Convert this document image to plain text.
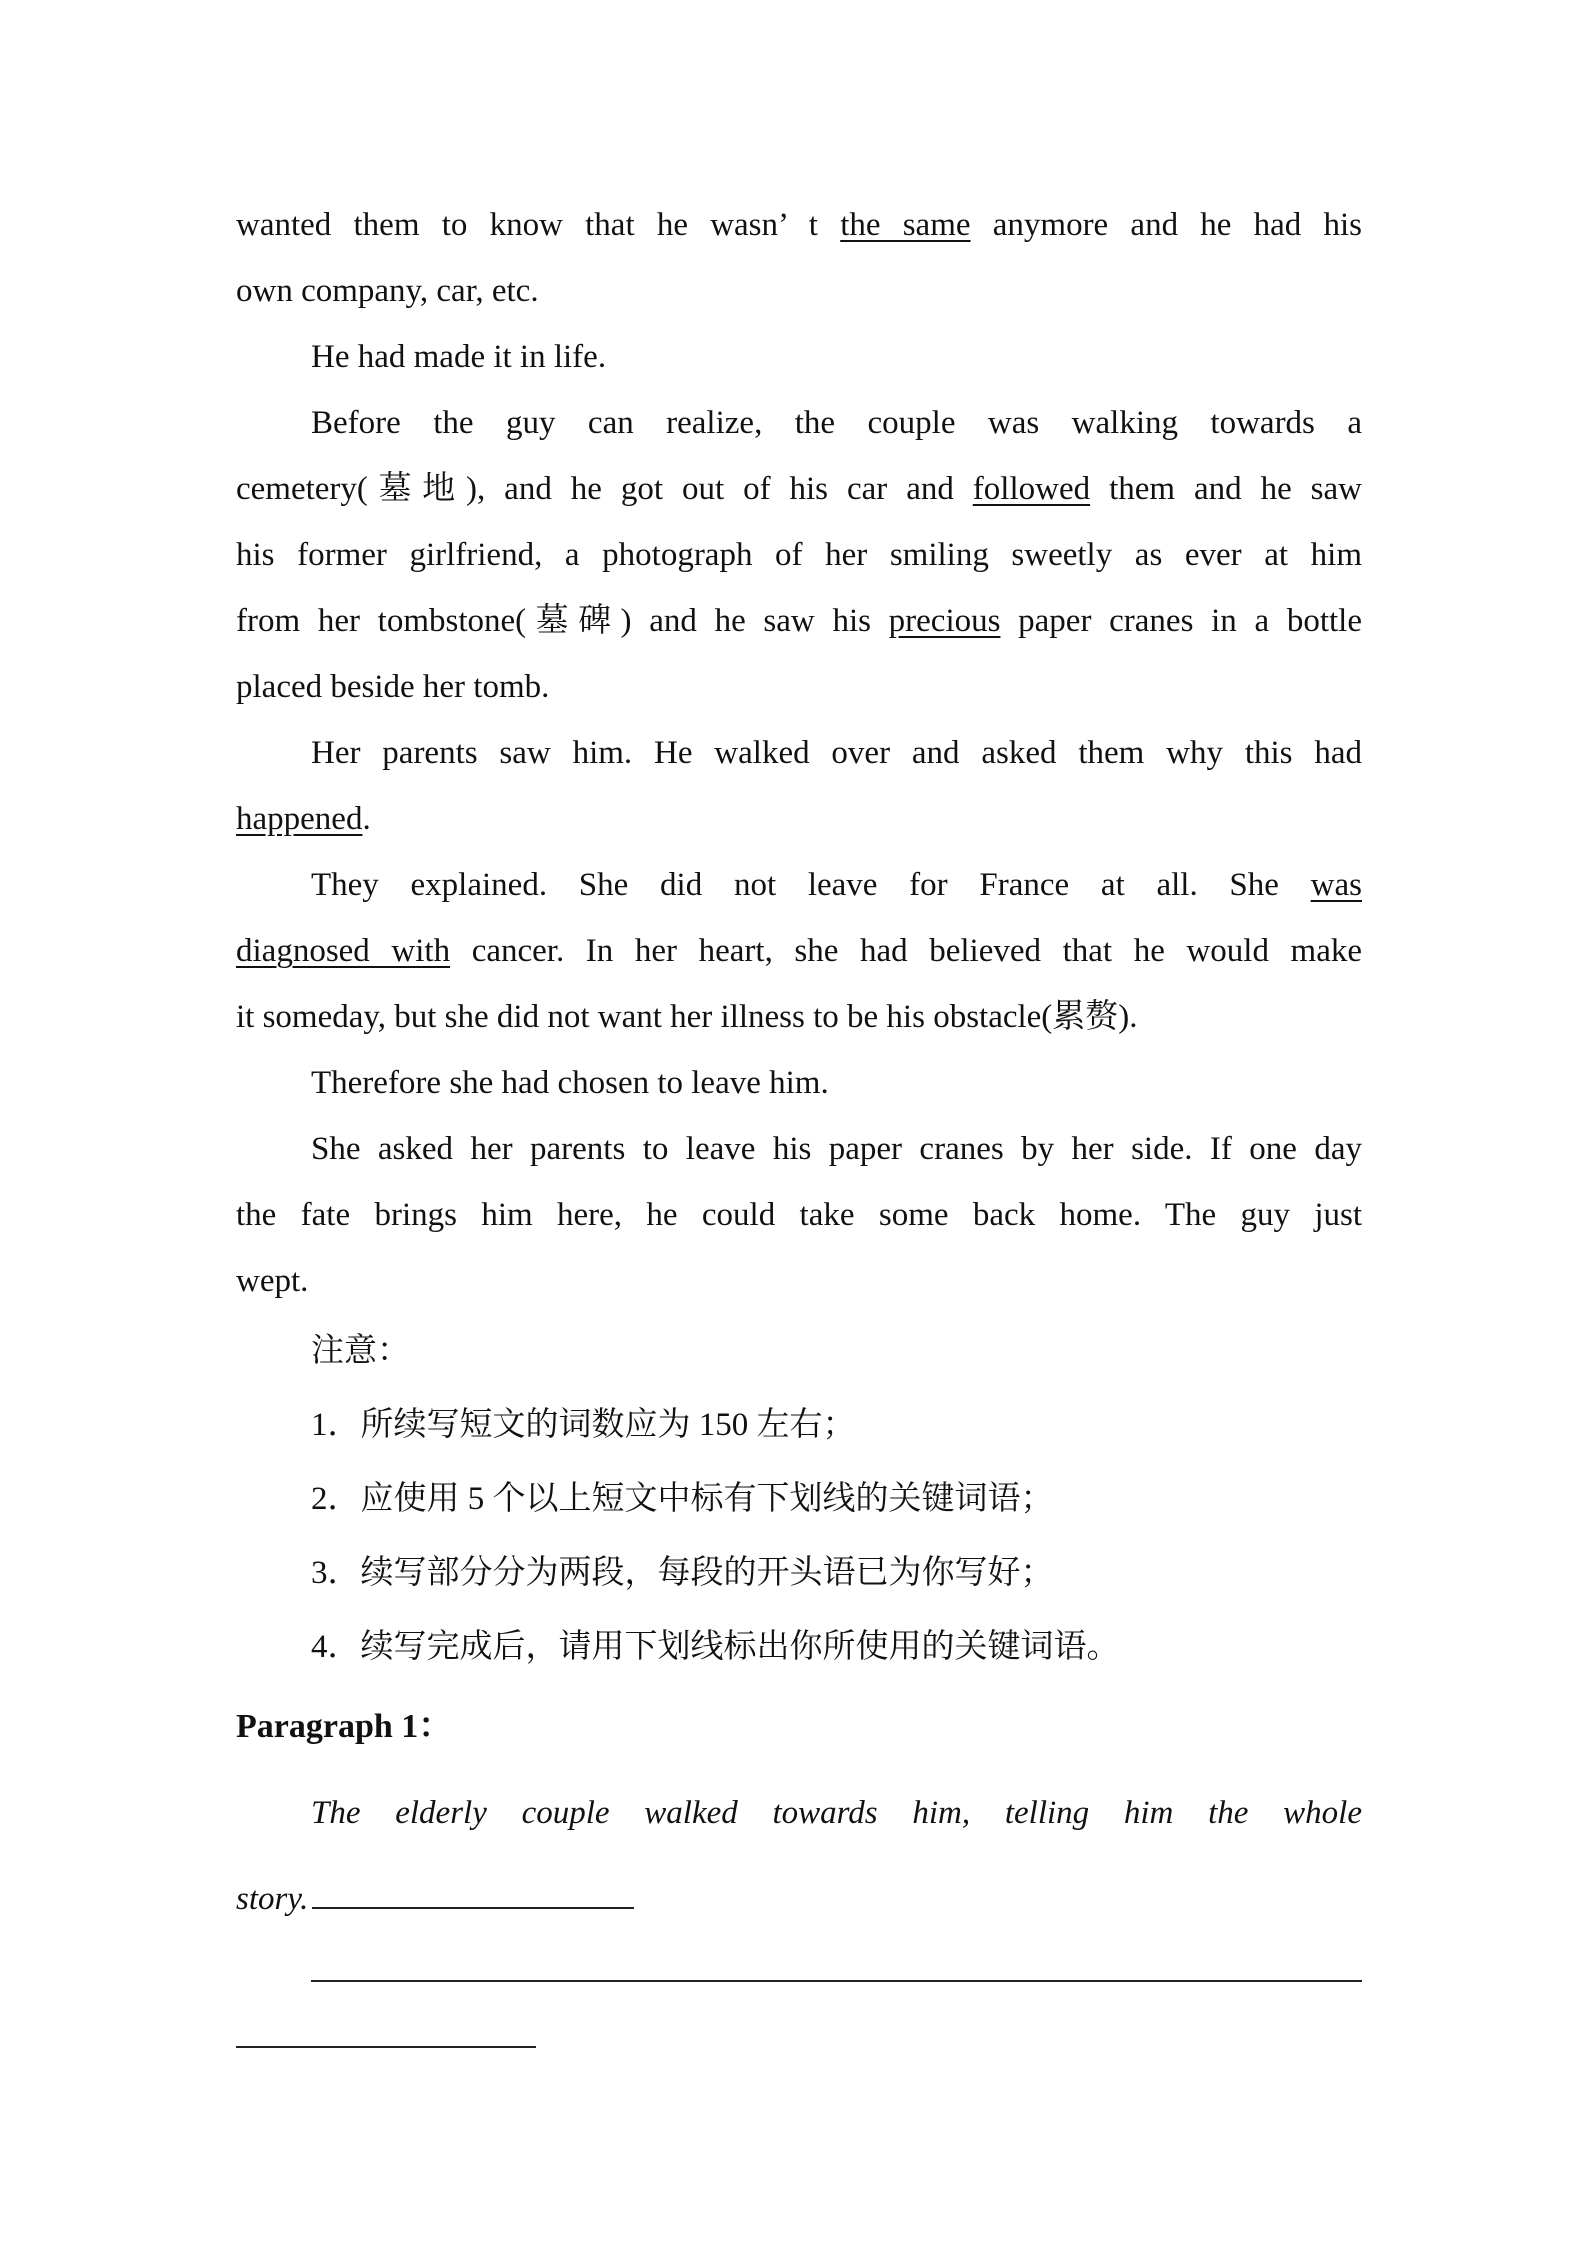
wanted them to know that he wasn’ t the same anymore and he had his

own company, car, etc.

He had made it in life.

Before the guy can realize, the couple was walking towards a

cemetery(墓地), and he got out of his car and followed them and he saw

his former girlfriend, a photograph of her smiling sweetly as ever at him

from her tombstone(墓碑) and he saw his precious paper cranes in a bottle

placed beside her tomb.

Her parents saw him. He walked over and asked them why this had

happened.

They explained. She did not leave for France at all. She was

diagnosed with cancer. In her heart, she had believed that he would make

it someday, but she did not want her illness to be his obstacle(累赘).

Therefore she had chosen to leave him.

She asked her parents to leave his paper cranes by her side. If one day

the fate brings him here, he could take some back home. The guy just

wept.

注意：

1．所续写短文的词数应为 150 左右；

2．应使用 5 个以上短文中标有下划线的关键词语；

3．续写部分分为两段，每段的开头语已为你写好；

4．续写完成后，请用下划线标出你所使用的关键词语。

Paragraph 1：

The elderly couple walked towards him, telling him the whole

story.
